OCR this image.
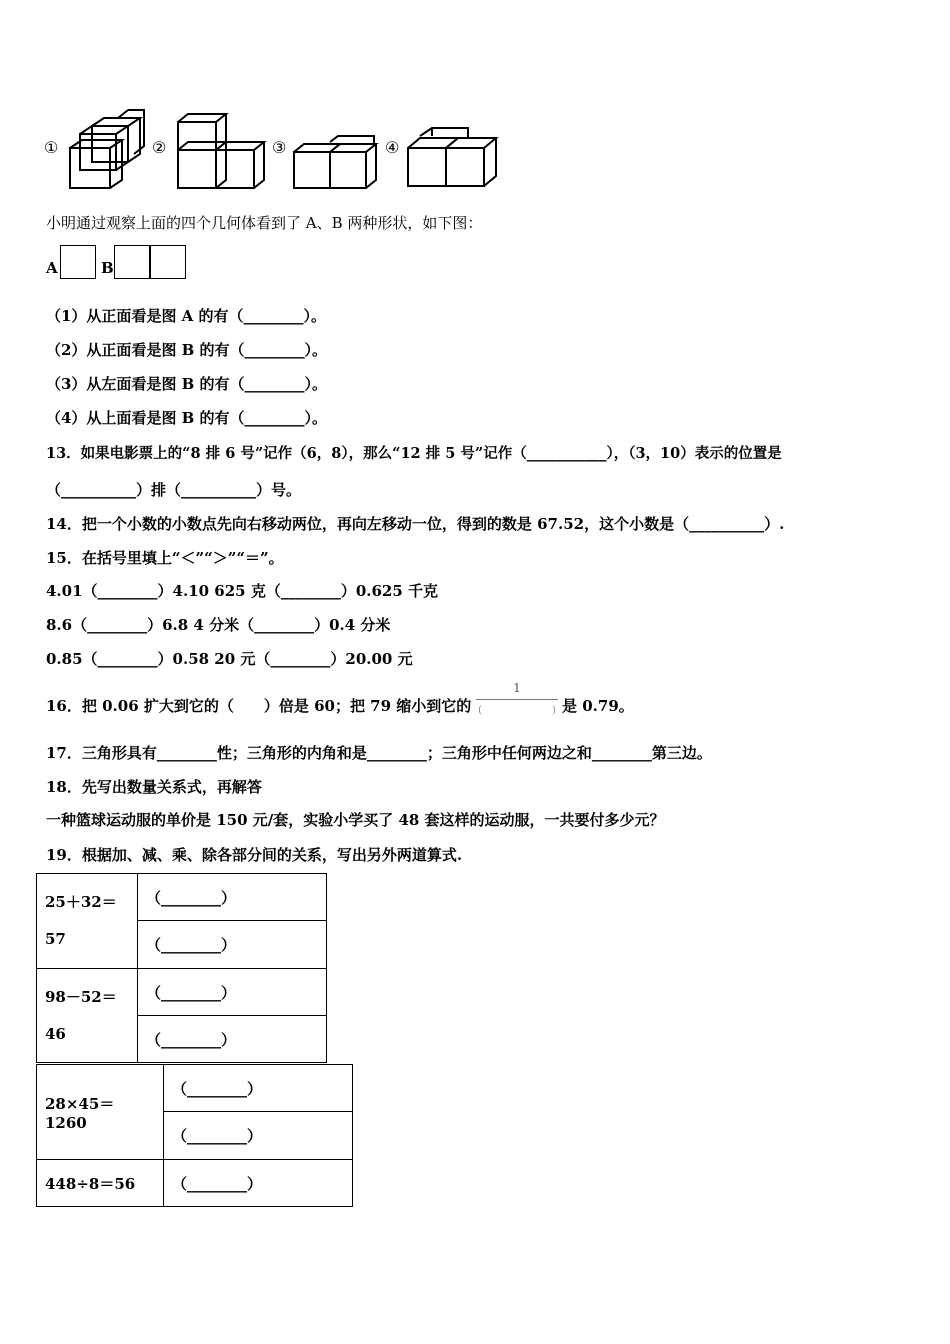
①	②	③	④
小明通过观察上面的四个几何体看到了 A、B 两种形状，如下图：
A	B
（1）从正面看是图 A 的有（________）。
（2）从正面看是图 B 的有（________）。
（3）从左面看是图 B 的有（________）。
（4）从上面看是图 B 的有（________）。
13．如果电影票上的“8 排 6 号”记作（6，8），那么“12 排 5 号”记作（___________），（3，10）表示的位置是
（__________）排（__________）号。
14．把一个小数的小数点先向右移动两位，再向左移动一位，得到的数是 67.52，这个小数是（__________）.
15．在括号里填上“＜”“＞”“＝”。
4.01（________）4.10 625 克（________）0.625 千克
8.6（________）6.8 4 分米（________）0.4 分米
0.85（________）0.58 20 元（________）20.00 元
16．把 0.06 扩大到它的（　　）倍是 60；把 79 缩小到它的
1
(　　　　　　　) 是 0.79。
17．三角形具有________性；三角形的内角和是________；三角形中任何两边之和________第三边。
18．先写出数量关系式，再解答
一种篮球运动服的单价是 150 元/套，实验小学买了 48 套这样的运动服，一共要付多少元？
19．根据加、减、乘、除各部分间的关系，写出另外两道算式.
25＋32＝
57	（________）
	（________）

98－52＝
46	（________）
	（________）
28×45＝1260	（________）
	（________）
448÷8＝56	（________）
